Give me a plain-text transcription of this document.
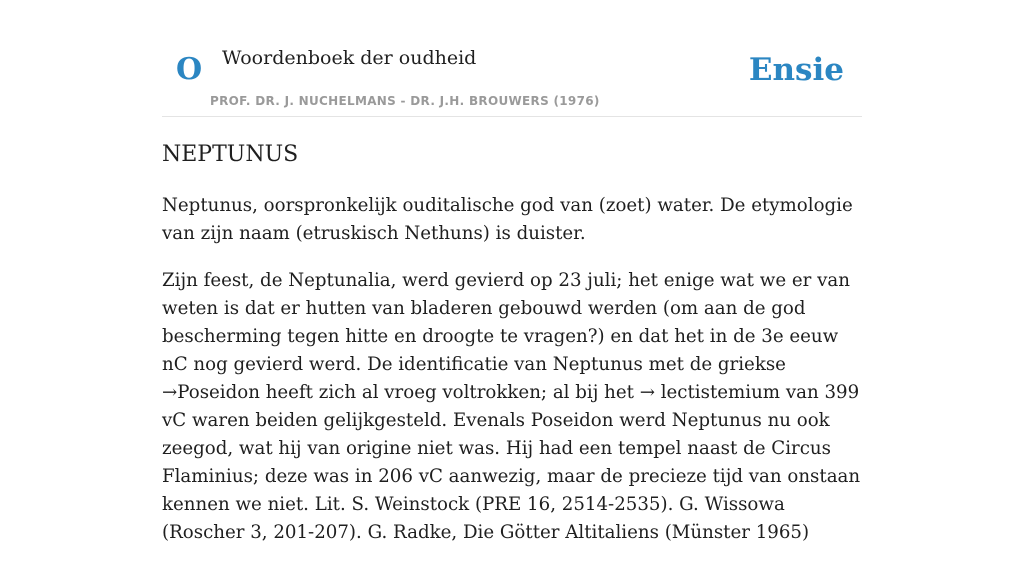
O Woordenboek der oudheid
PROF. DR. J. NUCHELMANS - DR. J.H. BROUWERS (1976)
Ensie
NEPTUNUS

Neptunus, oorspronkelijk ouditalische god van (zoet) water. De etymologie van zijn naam (etruskisch Nethuns) is duister.

Zijn feest, de Neptunalia, werd gevierd op 23 juli; het enige wat we er van weten is dat er hutten van bladeren gebouwd werden (om aan de god bescherming tegen hitte en droogte te vragen?) en dat het in de 3e eeuw nC nog gevierd werd. De identificatie van Neptunus met de griekse →Poseidon heeft zich al vroeg voltrokken; al bij het → lectistemium van 399 vC waren beiden gelijkgesteld. Evenals Poseidon werd Neptunus nu ook zeegod, wat hij van origine niet was. Hij had een tempel naast de Circus Flaminius; deze was in 206 vC aanwezig, maar de precieze tijd van onstaan kennen we niet. Lit. S. Weinstock (PRE 16, 2514-2535). G. Wissowa (Roscher 3, 201-207). G. Radke, Die Götter Altitaliens (Münster 1965)
